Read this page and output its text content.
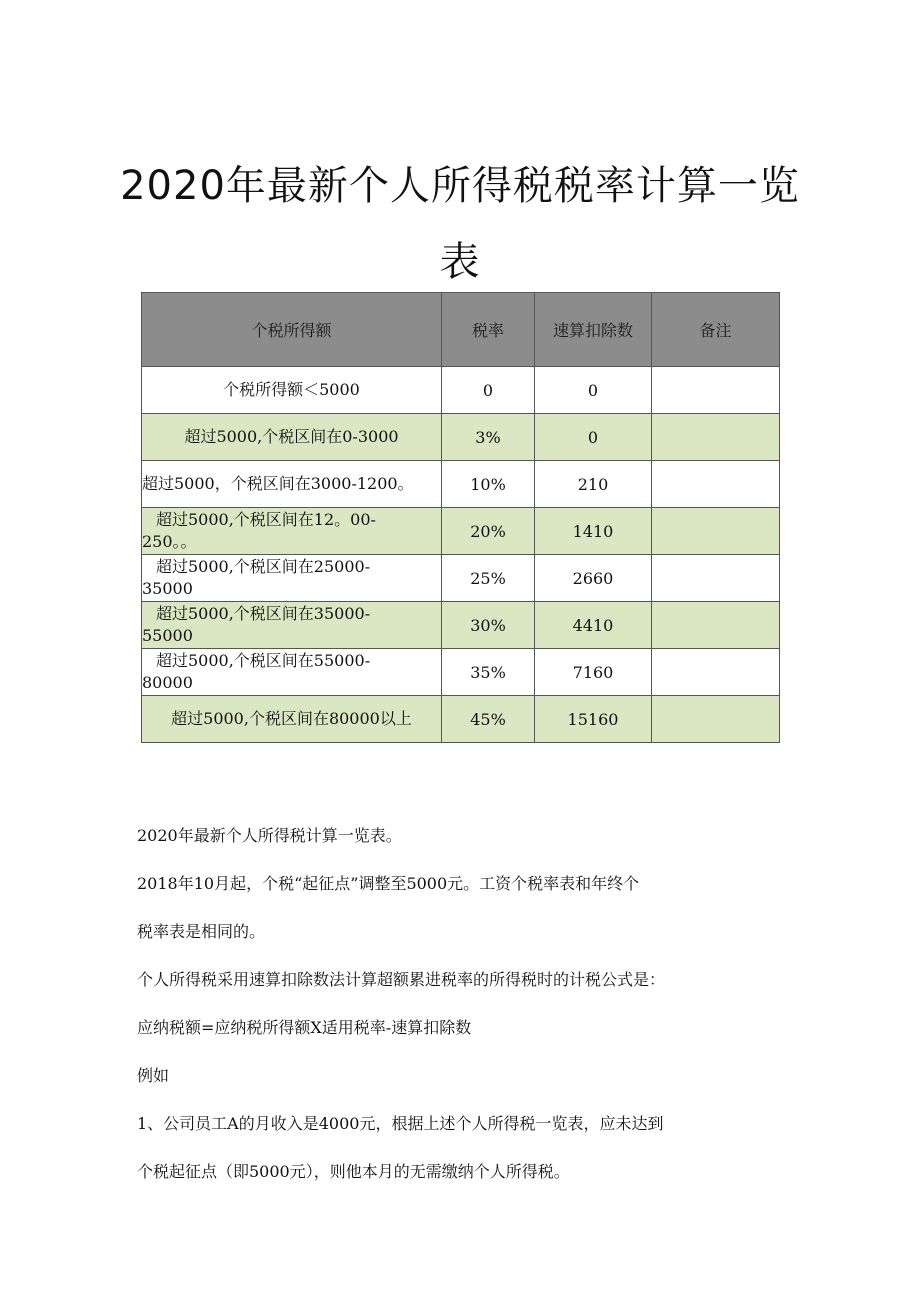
2020年最新个人所得税税率计算一览
表
个税所得额	税率	速算扣除数	备注
个税所得额＜5000	0	0	
超过5000,个税区间在0-3000	3%	0	
超过5000，个税区间在3000-1200。	10%	210	
超过5000,个税区间在12。00-
250。。	20%	1410	
超过5000,个税区间在25000-
35000	25%	2660	
超过5000,个税区间在35000-
55000	30%	4410	
超过5000,个税区间在55000-
80000	35%	7160	
超过5000,个税区间在80000以上	45%	15160	

2020年最新个人所得税计算一览表。

2018年10月起，个税“起征点”调整至5000元。工资个税率表和年终个

税率表是相同的。

个人所得税采用速算扣除数法计算超额累进税率的所得税时的计税公式是：

应纳税额=应纳税所得额X适用税率-速算扣除数

例如

1、公司员工A的月收入是4000元，根据上述个人所得税一览表，应未达到

个税起征点（即5000元），则他本月的无需缴纳个人所得税。
